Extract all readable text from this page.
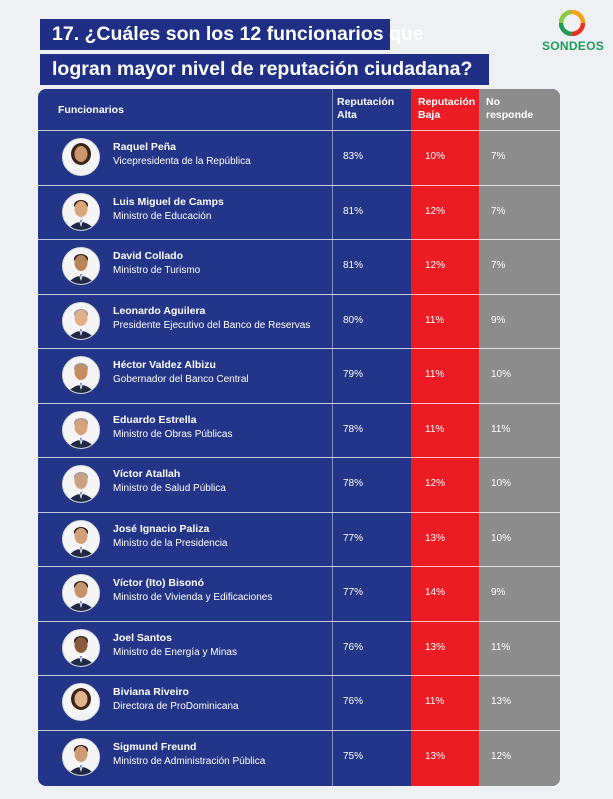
17. ¿Cuáles son los 12 funcionarios que
logran mayor nivel de reputación ciudadana?
SONDEOS
Funcionarios
Reputación
Alta
Reputación
Baja
No
responde
Raquel Peña
Vicepresidenta de la República	83%	10%	7%
Luis Miguel de Camps
Ministro de Educación	81%	12%	7%
David Collado
Ministro de Turismo	81%	12%	7%
Leonardo Aguilera
Presidente Ejecutivo del Banco de Reservas	80%	11%	9%
Héctor Valdez Albizu
Gobernador del Banco Central	79%	11%	10%
Eduardo Estrella
Ministro de Obras Públicas	78%	11%	11%
Víctor Atallah
Ministro de Salud Pública	78%	12%	10%
José Ignacio Paliza
Ministro de la Presidencia	77%	13%	10%
Víctor (Ito) Bisonó
Ministro de Vivienda y Edificaciones	77%	14%	9%
Joel Santos
Ministro de Energía y Minas	76%	13%	11%
Biviana Riveiro
Directora de ProDominicana	76%	11%	13%
Sigmund Freund
Ministro de Administración Pública	75%	13%	12%
